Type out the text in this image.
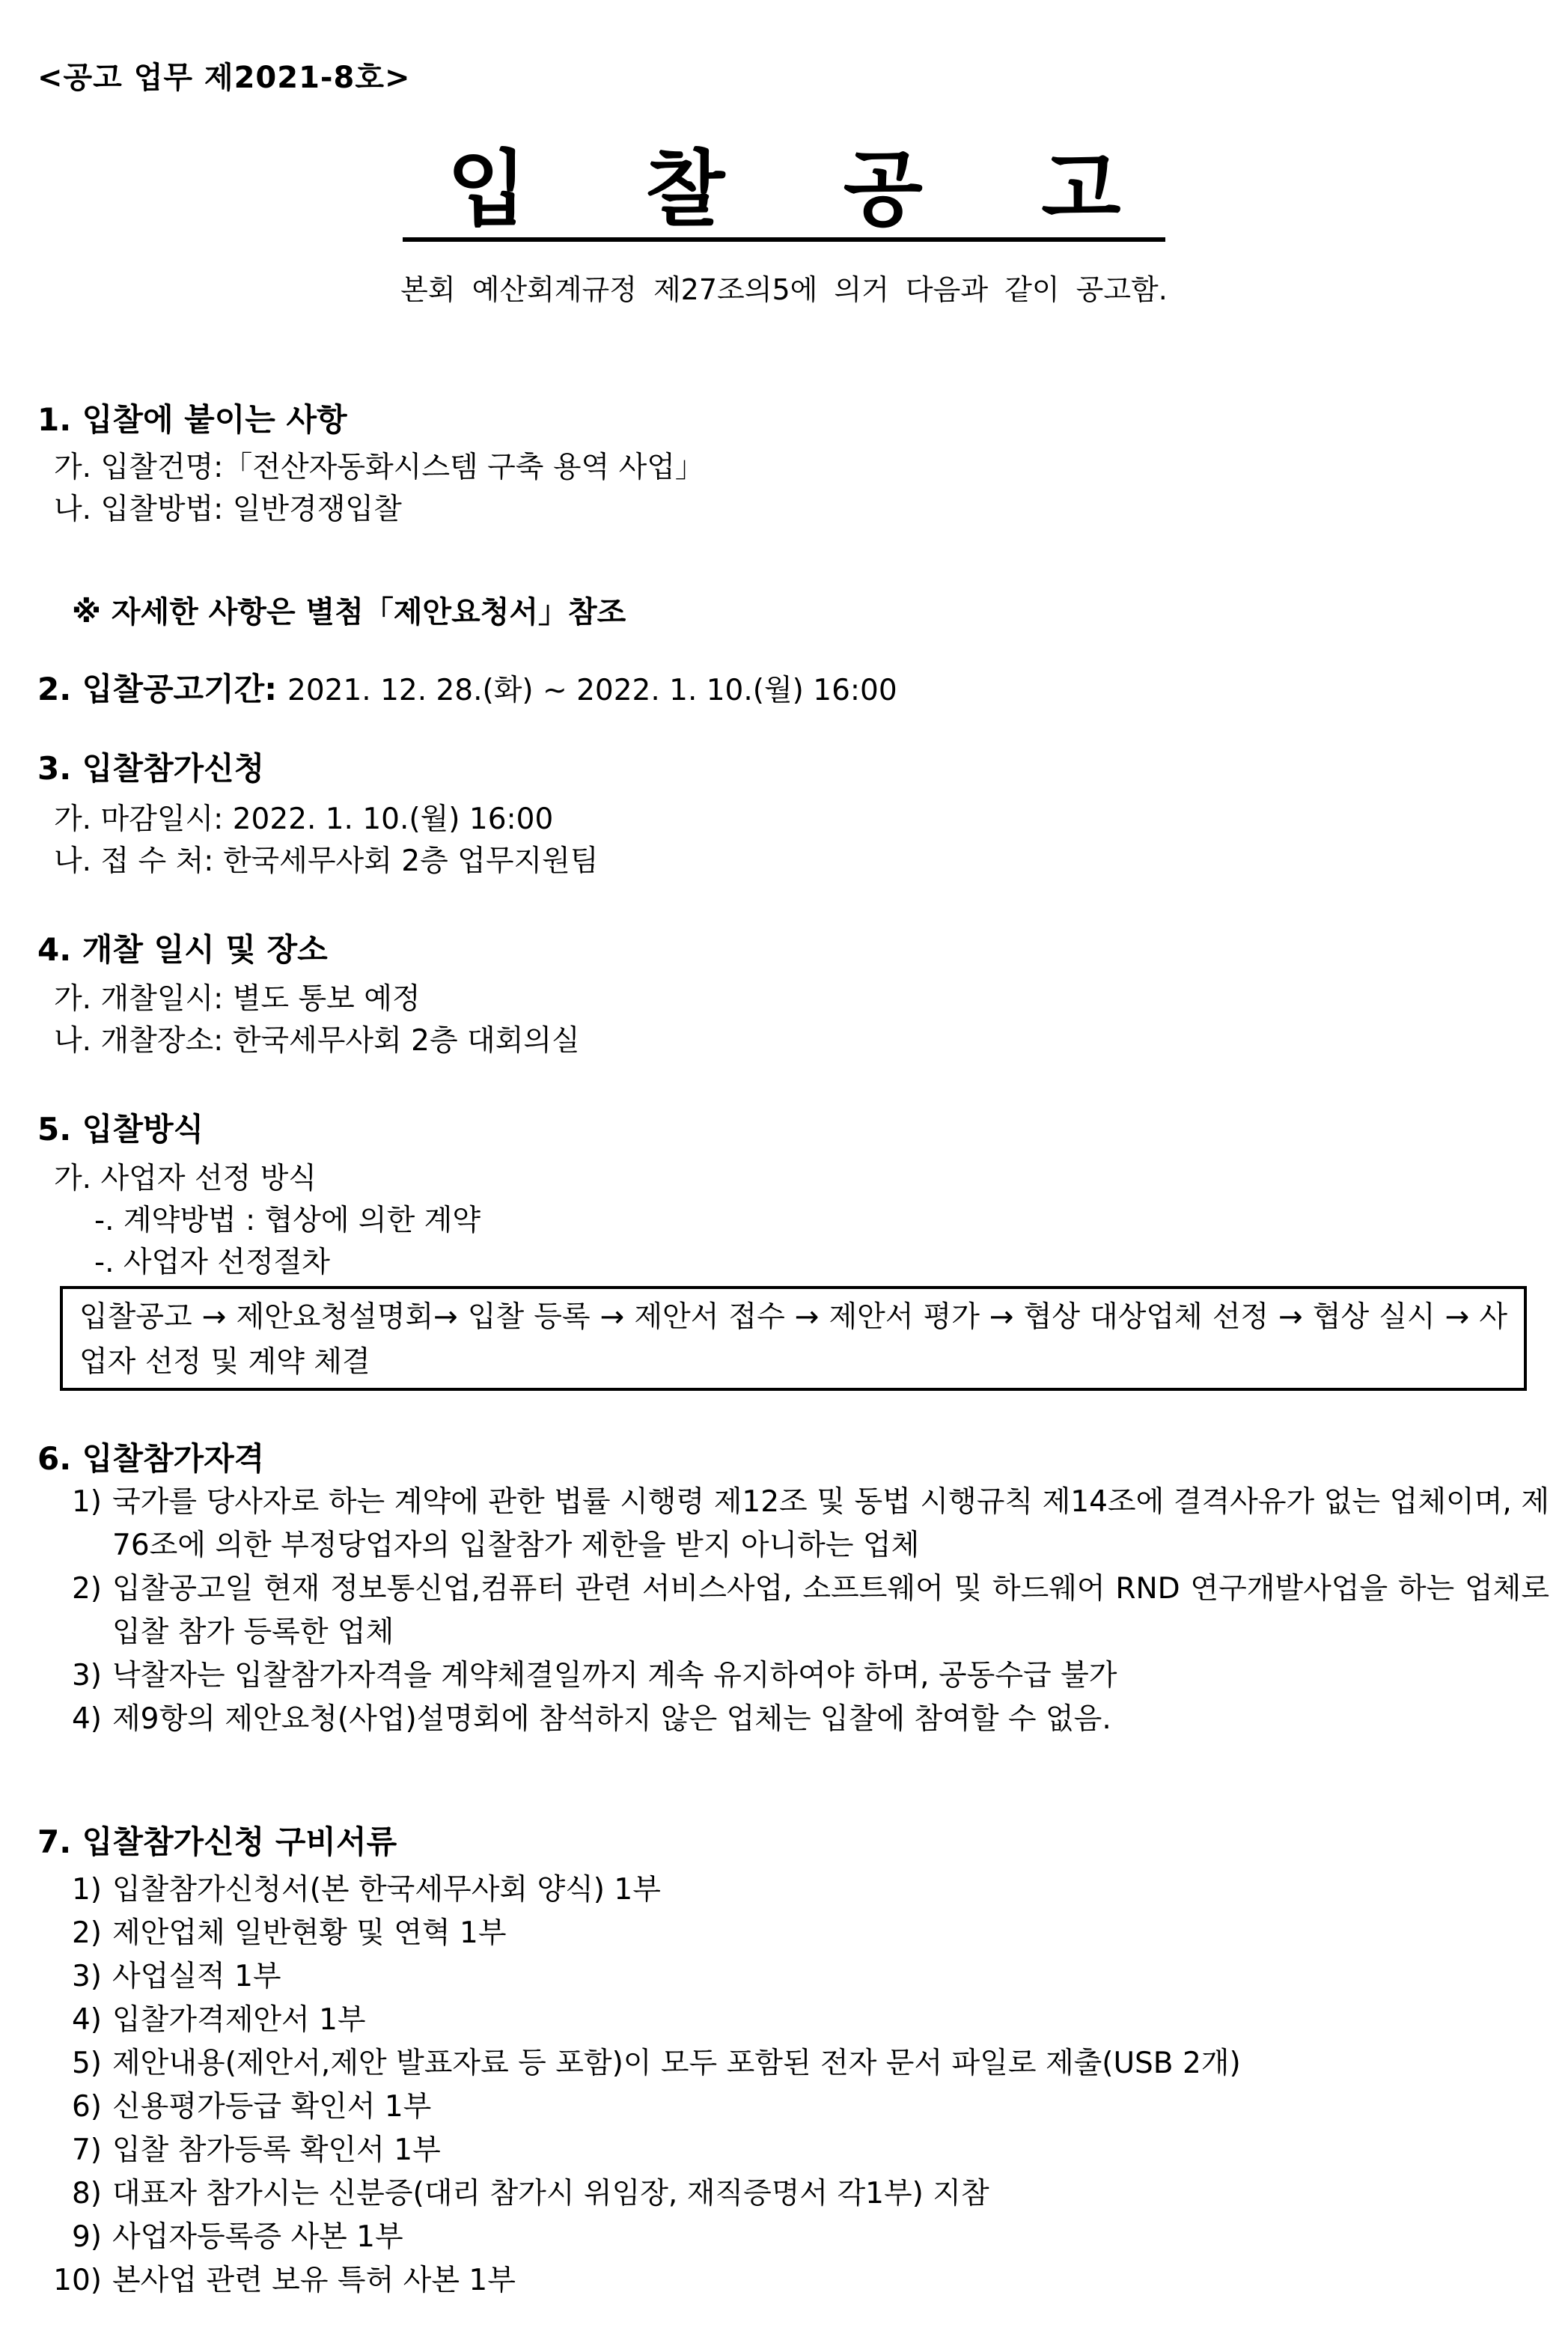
<공고 업무 제2021-8호>
입 찰 공 고
본회 예산회계규정 제27조의5에 의거 다음과 같이 공고함.
1. 입찰에 붙이는 사항
가. 입찰건명:「전산자동화시스템 구축 용역 사업」
나. 입찰방법: 일반경쟁입찰
※ 자세한 사항은 별첨「제안요청서」참조
2. 입찰공고기간: 2021. 12. 28.(화) ~ 2022. 1. 10.(월) 16:00
3. 입찰참가신청
가. 마감일시: 2022. 1. 10.(월) 16:00
나. 접 수 처: 한국세무사회 2층 업무지원팀
4. 개찰 일시 및 장소
가. 개찰일시: 별도 통보 예정
나. 개찰장소: 한국세무사회 2층 대회의실
5. 입찰방식
가. 사업자 선정 방식
-. 계약방법 : 협상에 의한 계약
-. 사업자 선정절차
입찰공고 → 제안요청설명회→ 입찰 등록 → 제안서 접수 → 제안서 평가 → 협상 대상업체 선정 → 협상 실시 → 사업자 선정 및 계약 체결
6. 입찰참가자격
1) 국가를 당사자로 하는 계약에 관한 법률 시행령 제12조 및 동법 시행규칙 제14조에 결격사유가 없는 업체이며, 제76조에 의한 부정당업자의 입찰참가 제한을 받지 아니하는 업체
2) 입찰공고일 현재 정보통신업,컴퓨터 관련 서비스사업, 소프트웨어 및 하드웨어 RND 연구개발사업을 하는 업체로 입찰 참가 등록한 업체
3) 낙찰자는 입찰참가자격을 계약체결일까지 계속 유지하여야 하며, 공동수급 불가
4) 제9항의 제안요청(사업)설명회에 참석하지 않은 업체는 입찰에 참여할 수 없음.
7. 입찰참가신청 구비서류
1) 입찰참가신청서(본 한국세무사회 양식) 1부
2) 제안업체 일반현황 및 연혁 1부
3) 사업실적 1부
4) 입찰가격제안서 1부
5) 제안내용(제안서,제안 발표자료 등 포함)이 모두 포함된 전자 문서 파일로 제출(USB 2개)
6) 신용평가등급 확인서 1부
7) 입찰 참가등록 확인서 1부
8) 대표자 참가시는 신분증(대리 참가시 위임장, 재직증명서 각1부) 지참
9) 사업자등록증 사본 1부
10) 본사업 관련 보유 특허 사본 1부
